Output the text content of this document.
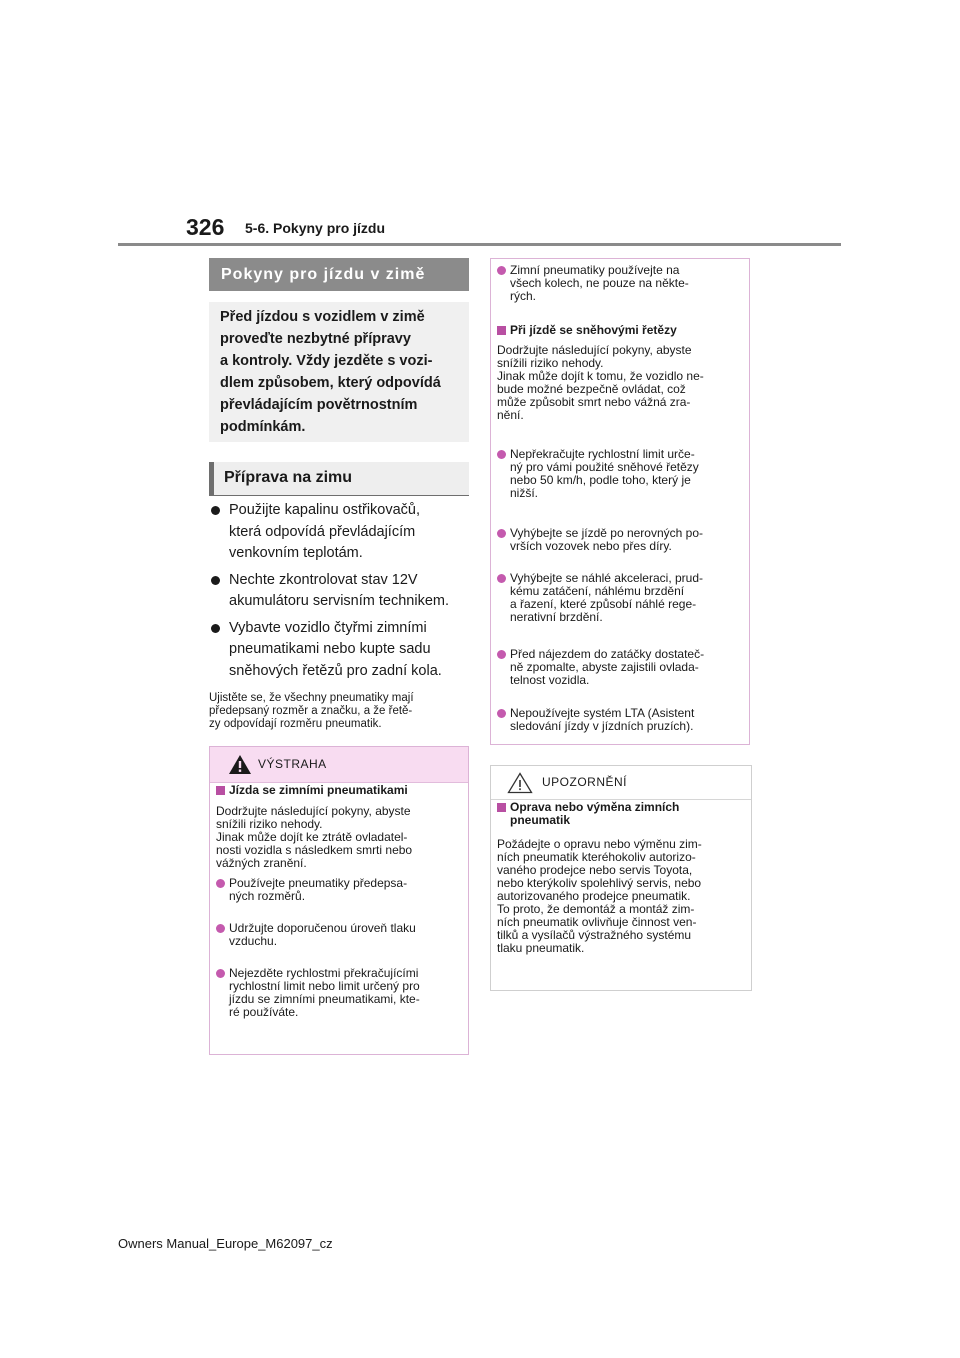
326 5-6. Pokyny pro jízdu
Pokyny pro jízdu v zimě
Před jízdou s vozidlem v zimě
proveďte nezbytné přípravy
a kontroly. Vždy jezděte s vozi-
dlem způsobem, který odpovídá
převládajícím povětrnostním
podmínkám.
Příprava na zimu
Použijte kapalinu ostřikovačů,
která odpovídá převládajícím
venkovním teplotám.
Nechte zkontrolovat stav 12V
akumulátoru servisním technikem.
Vybavte vozidlo čtyřmi zimními
pneumatikami nebo kupte sadu
sněhových řetězů pro zadní kola.
Ujistěte se, že všechny pneumatiky mají
předepsaný rozměr a značku, a že řetě-
zy odpovídají rozměru pneumatik.
VÝSTRAHA
Jízda se zimními pneumatikami
Dodržujte následující pokyny, abyste
snížili riziko nehody.
Jinak může dojít ke ztrátě ovladatel-
nosti vozidla s následkem smrti nebo
vážných zranění.
Používejte pneumatiky předepsa-
ných rozměrů.
Udržujte doporučenou úroveň tlaku
vzduchu.
Nejezděte rychlostmi překračujícími
rychlostní limit nebo limit určený pro
jízdu se zimními pneumatikami, kte-
ré používáte.
Zimní pneumatiky používejte na
všech kolech, ne pouze na někte-
rých.
Při jízdě se sněhovými řetězy
Dodržujte následující pokyny, abyste
snížili riziko nehody.
Jinak může dojít k tomu, že vozidlo ne-
bude možné bezpečně ovládat, což
může způsobit smrt nebo vážná zra-
nění.
Nepřekračujte rychlostní limit urče-
ný pro vámi použité sněhové řetězy
nebo 50 km/h, podle toho, který je
nižší.
Vyhýbejte se jízdě po nerovných po-
vrších vozovek nebo přes díry.
Vyhýbejte se náhlé akceleraci, prud-
kému zatáčení, náhlému brzdění
a řazení, které způsobí náhlé rege-
nerativní brzdění.
Před nájezdem do zatáčky dostateč-
ně zpomalte, abyste zajistili ovlada-
telnost vozidla.
Nepoužívejte systém LTA (Asistent
sledování jízdy v jízdních pruzích).
UPOZORNĚNÍ
Oprava nebo výměna zimních
pneumatik
Požádejte o opravu nebo výměnu zim-
ních pneumatik kteréhokoliv autorizo-
vaného prodejce nebo servis Toyota,
nebo kterýkoliv spolehlivý servis, nebo
autorizovaného prodejce pneumatik.
To proto, že demontáž a montáž zim-
ních pneumatik ovlivňuje činnost ven-
tilků a vysílačů výstražného systému
tlaku pneumatik.
Owners Manual_Europe_M62097_cz
